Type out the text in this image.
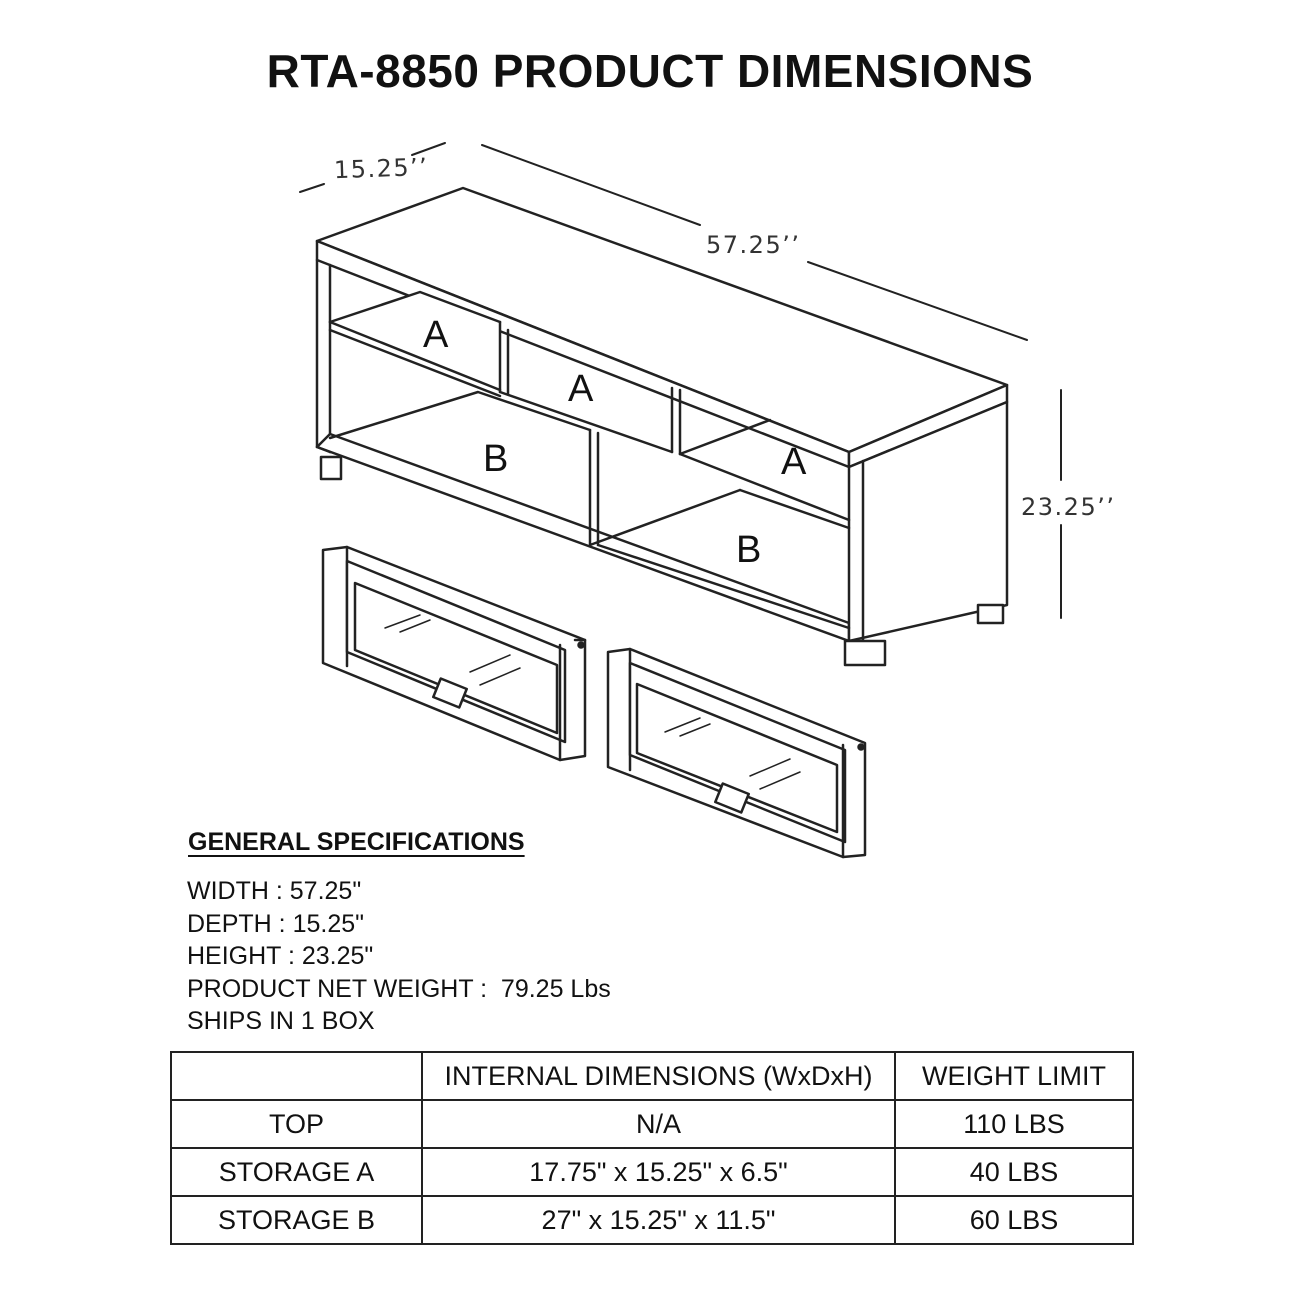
RTA-8850 PRODUCT DIMENSIONS
15.25’’
57.25’’
23.25’’
A
A
A
B
B
GENERAL SPECIFICATIONS
WIDTH : 57.25"
DEPTH : 15.25"
HEIGHT : 23.25"
PRODUCT NET WEIGHT :  79.25 Lbs
SHIPS IN 1 BOX
	INTERNAL DIMENSIONS (WxDxH)	WEIGHT LIMIT
TOP	N/A	110 LBS
STORAGE A	17.75" x 15.25" x 6.5"	40 LBS
STORAGE B	27" x 15.25" x 11.5"	60 LBS
